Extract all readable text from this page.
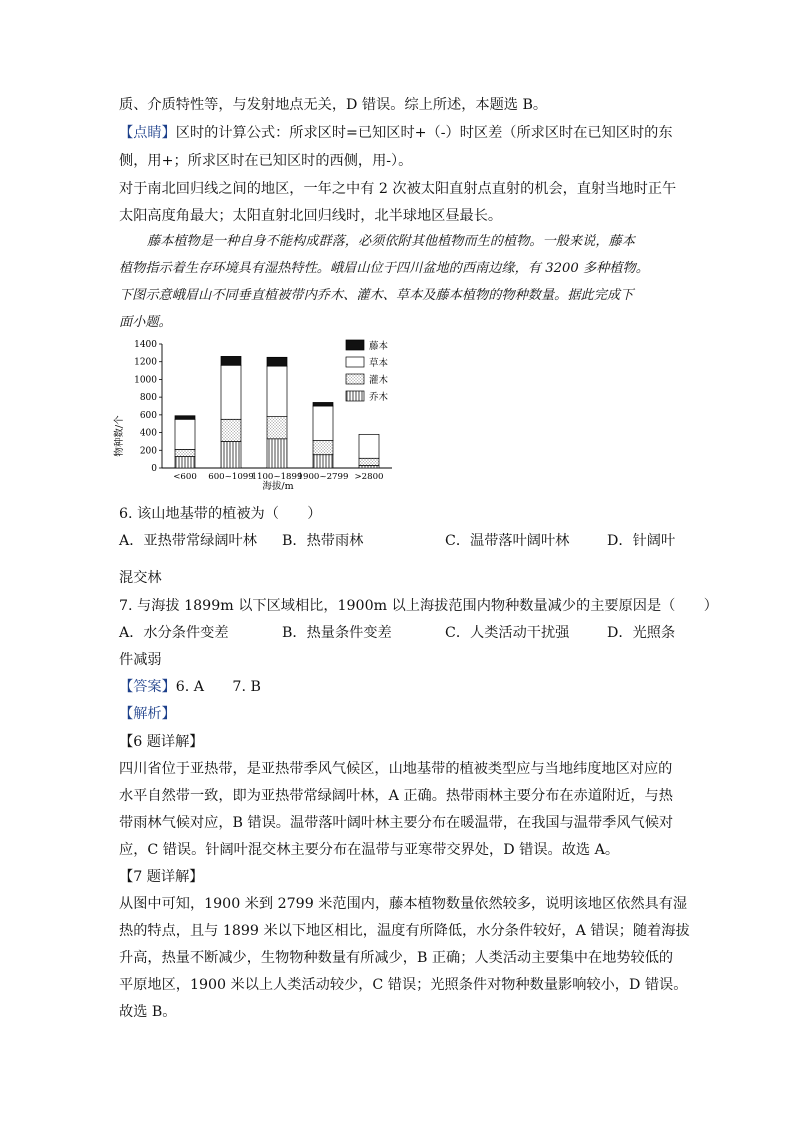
质、介质特性等，与发射地点无关，D 错误。综上所述，本题选 B。
【点睛】区时的计算公式：所求区时=已知区时+（-）时区差（所求区时在已知区时的东
侧，用+；所求区时在已知区时的西侧，用-）。
对于南北回归线之间的地区，一年之中有 2 次被太阳直射点直射的机会，直射当地时正午
太阳高度角最大；太阳直射北回归线时，北半球地区昼最长。
藤本植物是一种自身不能构成群落，必须依附其他植物而生的植物。一般来说，藤本
植物指示着生存环境具有湿热特性。峨眉山位于四川盆地的西南边缘，有 3200 多种植物。
下图示意峨眉山不同垂直植被带内乔木、灌木、草本及藤本植物的物种数量。据此完成下
面小题。
0
200
400
600
800
1000
1200
1400
<600 600~1099
1100~1899
1900~2799 >2800
藤本
草本
灌木
乔木
物种数/个
海拔/m
6. 该山地基带的植被为（　　）
A．亚热带常绿阔叶林 B．热带雨林	C．温带落叶阔叶林	D．针阔叶
混交林
7. 与海拔 1899m 以下区域相比，1900m 以上海拔范围内物种数量减少的主要原因是（　　）
A．水分条件变差	B．热量条件变差	C．人类活动干扰强	D．光照条
件减弱
【答案】6. A　　7. B
【解析】
【6 题详解】
四川省位于亚热带，是亚热带季风气候区，山地基带的植被类型应与当地纬度地区对应的
水平自然带一致，即为亚热带常绿阔叶林，A 正确。热带雨林主要分布在赤道附近，与热
带雨林气候对应，B 错误。温带落叶阔叶林主要分布在暖温带，在我国与温带季风气候对
应，C 错误。针阔叶混交林主要分布在温带与亚寒带交界处，D 错误。故选 A。
【7 题详解】
从图中可知，1900 米到 2799 米范围内，藤本植物数量依然较多，说明该地区依然具有湿
热的特点，且与 1899 米以下地区相比，温度有所降低，水分条件较好，A 错误；随着海拔
升高，热量不断减少，生物物种数量有所减少，B 正确；人类活动主要集中在地势较低的
平原地区，1900 米以上人类活动较少，C 错误；光照条件对物种数量影响较小，D 错误。
故选 B。
